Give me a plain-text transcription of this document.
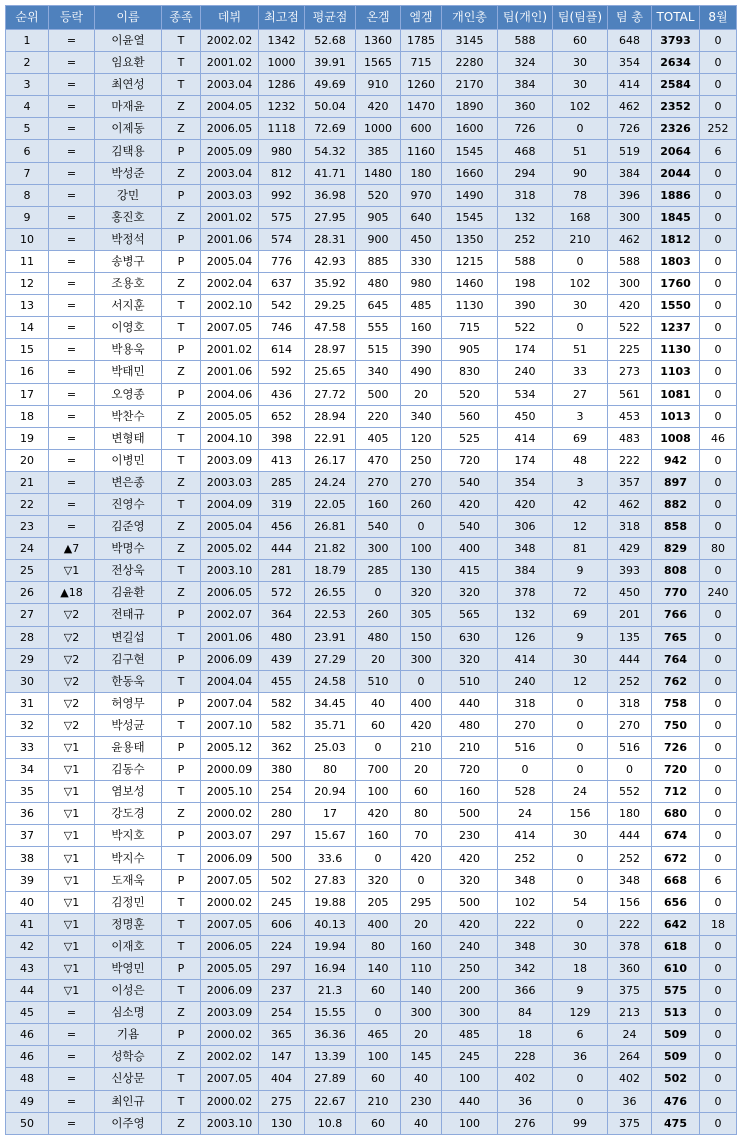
순위	등락	이름	종족	데뷔	최고점	평균점	온겜	엠겜	개인총	팀(개인)	팀(팀플)	팀 총	TOTAL	8월
1	=	이윤열	T	2002.02	1342	52.68	1360	1785	3145	588	60	648	3793	0
2	=	임요환	T	2001.02	1000	39.91	1565	715	2280	324	30	354	2634	0
3	=	최연성	T	2003.04	1286	49.69	910	1260	2170	384	30	414	2584	0
4	=	마재윤	Z	2004.05	1232	50.04	420	1470	1890	360	102	462	2352	0
5	=	이제동	Z	2006.05	1118	72.69	1000	600	1600	726	0	726	2326	252
6	=	김택용	P	2005.09	980	54.32	385	1160	1545	468	51	519	2064	6
7	=	박성준	Z	2003.04	812	41.71	1480	180	1660	294	90	384	2044	0
8	=	강민	P	2003.03	992	36.98	520	970	1490	318	78	396	1886	0
9	=	홍진호	Z	2001.02	575	27.95	905	640	1545	132	168	300	1845	0
10	=	박정석	P	2001.06	574	28.31	900	450	1350	252	210	462	1812	0
11	=	송병구	P	2005.04	776	42.93	885	330	1215	588	0	588	1803	0
12	=	조용호	Z	2002.04	637	35.92	480	980	1460	198	102	300	1760	0
13	=	서지훈	T	2002.10	542	29.25	645	485	1130	390	30	420	1550	0
14	=	이영호	T	2007.05	746	47.58	555	160	715	522	0	522	1237	0
15	=	박용욱	P	2001.02	614	28.97	515	390	905	174	51	225	1130	0
16	=	박태민	Z	2001.06	592	25.65	340	490	830	240	33	273	1103	0
17	=	오영종	P	2004.06	436	27.72	500	20	520	534	27	561	1081	0
18	=	박찬수	Z	2005.05	652	28.94	220	340	560	450	3	453	1013	0
19	=	변형태	T	2004.10	398	22.91	405	120	525	414	69	483	1008	46
20	=	이병민	T	2003.09	413	26.17	470	250	720	174	48	222	942	0
21	=	변은종	Z	2003.03	285	24.24	270	270	540	354	3	357	897	0
22	=	진영수	T	2004.09	319	22.05	160	260	420	420	42	462	882	0
23	=	김준영	Z	2005.04	456	26.81	540	0	540	306	12	318	858	0
24	▲7	박명수	Z	2005.02	444	21.82	300	100	400	348	81	429	829	80
25	▽1	전상욱	T	2003.10	281	18.79	285	130	415	384	9	393	808	0
26	▲18	김윤환	Z	2006.05	572	26.55	0	320	320	378	72	450	770	240
27	▽2	전태규	P	2002.07	364	22.53	260	305	565	132	69	201	766	0
28	▽2	변길섭	T	2001.06	480	23.91	480	150	630	126	9	135	765	0
29	▽2	김구현	P	2006.09	439	27.29	20	300	320	414	30	444	764	0
30	▽2	한동욱	T	2004.04	455	24.58	510	0	510	240	12	252	762	0
31	▽2	허영무	P	2007.04	582	34.45	40	400	440	318	0	318	758	0
32	▽2	박성균	T	2007.10	582	35.71	60	420	480	270	0	270	750	0
33	▽1	윤용태	P	2005.12	362	25.03	0	210	210	516	0	516	726	0
34	▽1	김동수	P	2000.09	380	80	700	20	720	0	0	0	720	0
35	▽1	염보성	T	2005.10	254	20.94	100	60	160	528	24	552	712	0
36	▽1	강도경	Z	2000.02	280	17	420	80	500	24	156	180	680	0
37	▽1	박지호	P	2003.07	297	15.67	160	70	230	414	30	444	674	0
38	▽1	박지수	T	2006.09	500	33.6	0	420	420	252	0	252	672	0
39	▽1	도재욱	P	2007.05	502	27.83	320	0	320	348	0	348	668	6
40	▽1	김정민	T	2000.02	245	19.88	205	295	500	102	54	156	656	0
41	▽1	정명훈	T	2007.05	606	40.13	400	20	420	222	0	222	642	18
42	▽1	이재호	T	2006.05	224	19.94	80	160	240	348	30	378	618	0
43	▽1	박영민	P	2005.05	297	16.94	140	110	250	342	18	360	610	0
44	▽1	이성은	T	2006.09	237	21.3	60	140	200	366	9	375	575	0
45	=	심소명	Z	2003.09	254	15.55	0	300	300	84	129	213	513	0
46	=	기욤	P	2000.02	365	36.36	465	20	485	18	6	24	509	0
46	=	성학승	Z	2002.02	147	13.39	100	145	245	228	36	264	509	0
48	=	신상문	T	2007.05	404	27.89	60	40	100	402	0	402	502	0
49	=	최인규	T	2000.02	275	22.67	210	230	440	36	0	36	476	0
50	=	이주영	Z	2003.10	130	10.8	60	40	100	276	99	375	475	0
